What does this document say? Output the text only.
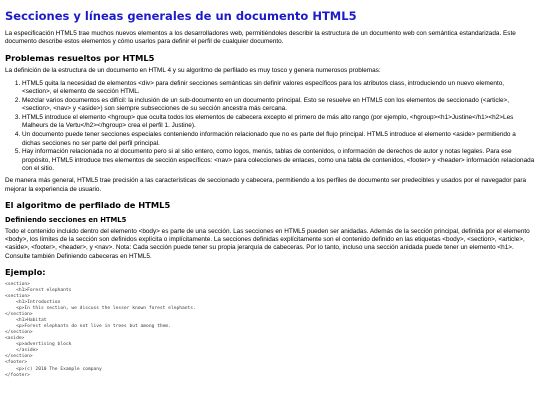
Secciones y líneas generales de un documento HTML5

La especificación HTML5 trae muchos nuevos elementos a los desarrolladores web, permitiéndoles describir la estructura de un documento web con semántica estandarizada. Este documento describe estos elementos y cómo usarlos para definir el perfil de cualquier documento.

Problemas resueltos por HTML5

La definición de la estructura de un documento en HTML 4 y su algoritmo de perfilado es muy tosco y genera numerosos problemas:

1. HTML5 quita la necesidad de elementos <div> para definir secciones semánticas sin definir valores específicos para los atributos class, introduciendo un nuevo elemento, <section>, el elemento de sección HTML.
2. Mezclar varios documentos es difícil: la inclusión de un sub-documento en un documento principal. Esto se resuelve en HTML5 con los elementos de seccionado (<article>, <section>, <nav> y <aside>) son siempre subsecciones de su sección ancestra más cercana.
3. HTML5 introduce el elemento <hgroup> que oculta todos los elementos de cabecera excepto el primero de más alto rango (por ejemplo, <hgroup><h1>Justine</h1><h2>Les Malheurs de la Vertu</h2></hgroup> crea el perfil 1. Justine).
4. Un documento puede tener secciones especiales conteniendo información relacionado que no es parte del flujo principal. HTML5 introduce el elemento <aside> permitiendo a dichas secciones no ser parte del perfil principal.
5. Hay información relacionada no al documento pero si al sitio entero, como logos, menús, tablas de contenidos, o información de derechos de autor y notas legales. Para ese propósito, HTML5 introduce tres elementos de sección específicos: <nav> para colecciones de enlaces, como una tabla de contenidos, <footer> y <header> información relacionada con el sitio.

De manera más general, HTML5 trae precisión a las características de seccionado y cabecera, permitiendo a los perfiles de documento ser predecibles y usados por el navegador para mejorar la experiencia de usuario.

El algoritmo de perfilado de HTML5
Definiendo secciones en HTML5

Todo el contenido incluido dentro del elemento <body> es parte de una sección. Las secciones en HTML5 pueden ser anidadas. Además de la sección principal, definida por el elemento <body>, los límites de la sección son definidos explícita o implícitamente. La secciones definidas explícitamente son el contenido definido en las etiquetas <body>, <section>, <article>, <aside>, <footer>, <header>, y <nav>. Nota: Cada sección puede tener su propia jerarquía de cabeceras. Por lo tanto, incluso una sección anidada puede tener un elemento <h1>. Consulte también Definiendo cabeceras en HTML5.

Ejemplo:
<section>
<h1>Forest elephants
<section>
<h1>Introduction
<p>In this section, we discuss the lesser known forest elephants.
</section>
<h1>Habitat
<p>Forest elephants do not live in trees but among them.
</section>
<aside>
<p>advertising block
</aside>
</section>
<footer>
<p>(c) 2010 The Example company
</footer>
